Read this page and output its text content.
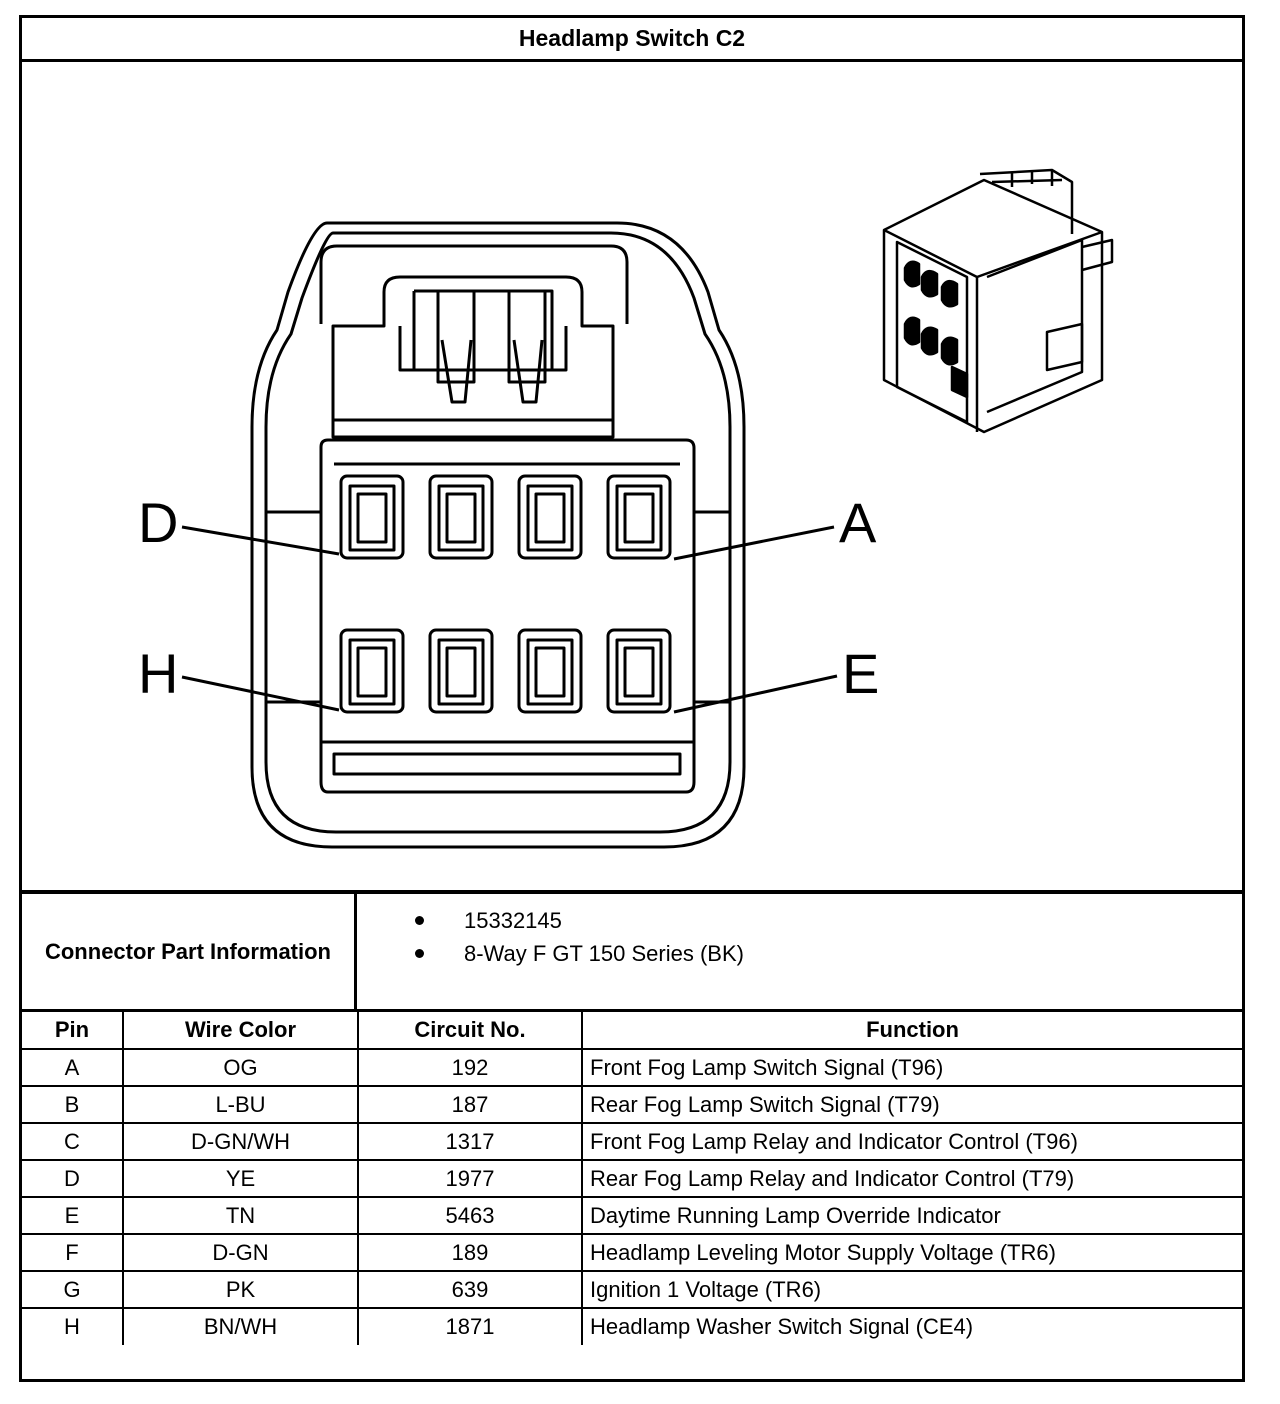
Headlamp Switch C2
D	A
H	E
Connector Part Information
15332145
8-Way F GT 150 Series (BK)
Pin	Wire Color	Circuit No.	Function
A	OG	192	Front Fog Lamp Switch Signal (T96)
B	L-BU	187	Rear Fog Lamp Switch Signal (T79)
C	D-GN/WH	1317	Front Fog Lamp Relay and Indicator Control (T96)
D	YE	1977	Rear Fog Lamp Relay and Indicator Control (T79)
E	TN	5463	Daytime Running Lamp Override Indicator
F	D-GN	189	Headlamp Leveling Motor Supply Voltage (TR6)
G	PK	639	Ignition 1 Voltage (TR6)
H	BN/WH	1871	Headlamp Washer Switch Signal (CE4)
